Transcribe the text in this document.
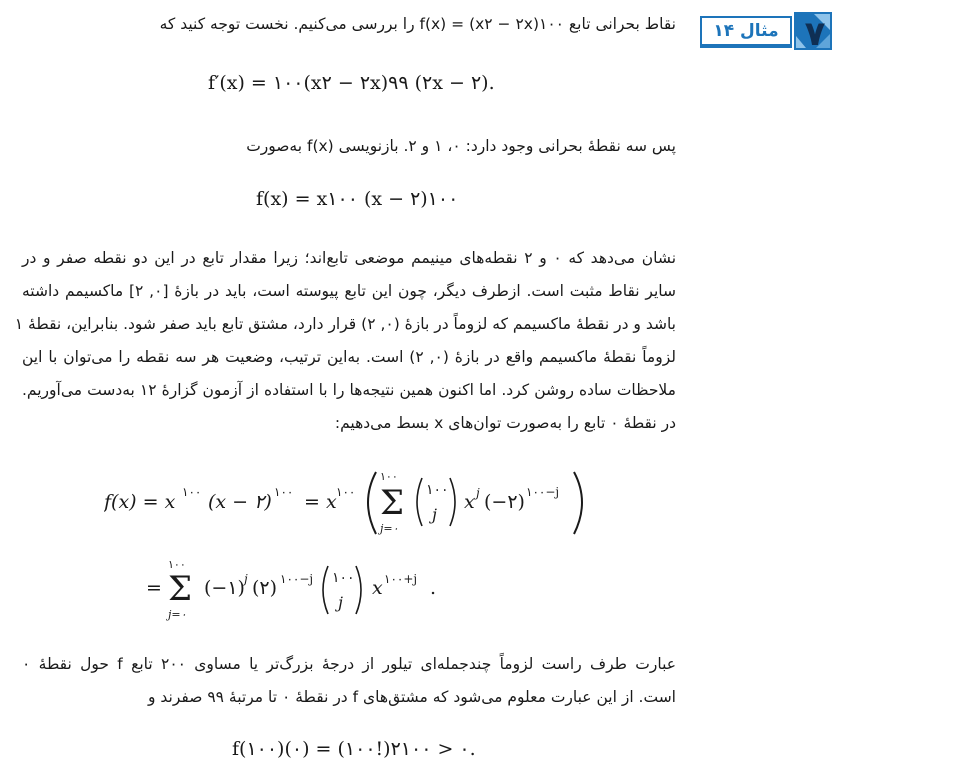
مثال ۱۴ ۷
نقاط بحرانی تابع f(x) = (x۲ − ۲x)۱۰۰ را بررسی می‌کنیم. نخست توجه کنید که
f′(x) = ۱۰۰(x۲ − ۲x)۹۹ (۲x − ۲).
پس سه نقطهٔ بحرانی وجود دارد: ۰، ۱ و ۲. بازنویسی f(x) به‌صورت
f(x) = x۱۰۰ (x − ۲)۱۰۰
نشان می‌دهد که ۰ و ۲ نقطه‌های مینیمم موضعی تابع‌اند؛ زیرا مقدار تابع در این دو نقطه صفر و در
سایر نقاط مثبت است. ازطرف دیگر، چون این تابع پیوسته است، باید در بازهٔ [۰, ۲] ماکسیمم داشته
باشد و در نقطهٔ ماکسیمم که لزوماً در بازهٔ (۰, ۲) قرار دارد، مشتق تابع باید صفر شود. بنابراین، نقطهٔ ۱
لزوماً نقطهٔ ماکسیمم واقع در بازهٔ (۰, ۲) است. به‌این ترتیب، وضعیت هر سه نقطه را می‌توان با این
ملاحظات ساده روشن کرد. اما اکنون همین نتیجه‌ها را با استفاده از آزمون گزارهٔ ۱۲ به‌دست می‌آوریم.
در نقطهٔ ۰ تابع را به‌صورت توان‌های x بسط می‌دهیم:
f(x) = x ۱۰۰ (x − ۲) ۱۰۰ = x ۱۰۰
۱۰۰
Σ
j=۰
۱۰۰
j
x j (−۲) ۱۰۰−j
=
۱۰۰
Σ
j=۰
(−۱) j (۲) ۱۰۰−j ۱۰۰
j
x ۱۰۰+j .
عبارت طرف راست لزوماً چندجمله‌ای تیلور از درجهٔ بزرگ‌تر یا مساوی ۲۰۰ تابع f حول نقطهٔ ۰
است. از این عبارت معلوم می‌شود که مشتق‌های f در نقطهٔ ۰ تا مرتبهٔ ۹۹ صفرند و
f(۱۰۰)(۰) = (۱۰۰!)۲۱۰۰ > ۰.
